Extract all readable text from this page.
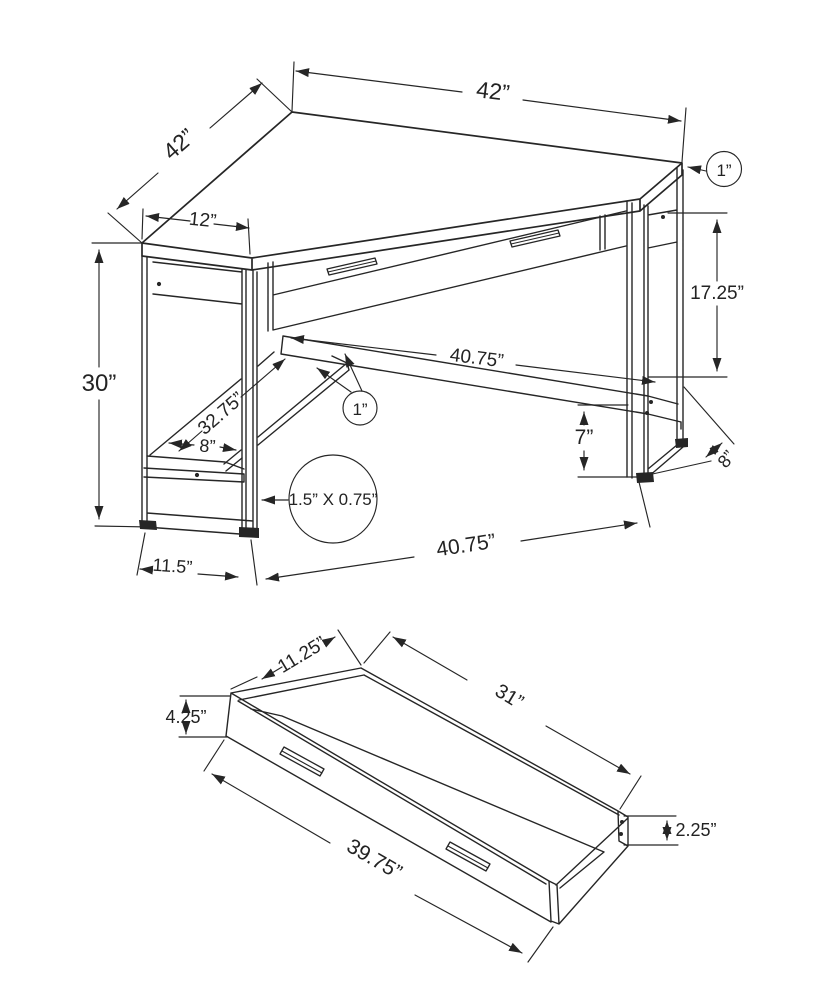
42”
42”
12”
1”
17.25”
40.75”
30”
32.75”
8”
1”
7”
8”
1.5” X 0.75”
40.75”
11.5”
11.25”
31”
4.25”
2.25”
39.75”
